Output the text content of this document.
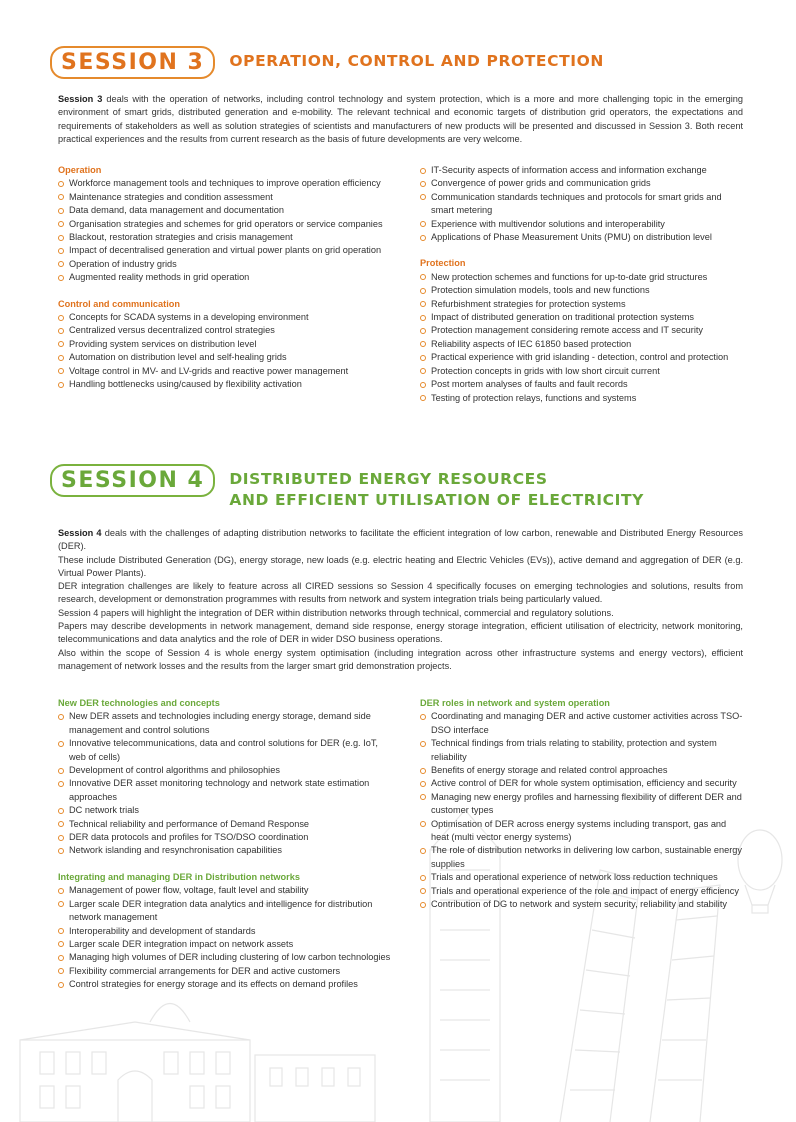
SESSION 3	OPERATION, CONTROL AND PROTECTION

Session 3 deals with the operation of networks, including control technology and system protection, which is a more and more challenging topic in the emerging environment of smart grids, distributed generation and e-mobility. The relevant technical and economic targets of distribution grid operators, the expectations and requirements of stakeholders as well as solution strategies of scientists and manufacturers of new products will be presented and discussed in Session 3. Both recent practical experiences and the results from current research as the basis of future developments are very welcome.

Operation
Workforce management tools and techniques to improve operation efficiency
Maintenance strategies and condition assessment
Data demand, data management and documentation
Organisation strategies and schemes for grid operators or service companies
Blackout, restoration strategies and crisis management
Impact of decentralised generation and virtual power plants on grid operation
Operation of industry grids
Augmented reality methods in grid operation
Control and communication
Concepts for SCADA systems in a developing environment
Centralized versus decentralized control strategies
Providing system services on distribution level
Automation on distribution level and self-healing grids
Voltage control in MV- and LV-grids and reactive power management
Handling bottlenecks using/caused by flexibility activation
IT-Security aspects of information access and information exchange
Convergence of power grids and communication grids
Communication standards techniques and protocols for smart grids and smart metering
Experience with multivendor solutions and interoperability
Applications of Phase Measurement Units (PMU) on distribution level
Protection
New protection schemes and functions for up-to-date grid structures
Protection simulation models, tools and new functions
Refurbishment strategies for protection systems
Impact of distributed generation on traditional protection systems
Protection management considering remote access and IT security
Reliability aspects of IEC 61850 based protection
Practical experience with grid islanding - detection, control and protection
Protection concepts in grids with low short circuit current
Post mortem analyses of faults and fault records
Testing of protection relays, functions and systems
SESSION 4	DISTRIBUTED ENERGY RESOURCES
AND EFFICIENT UTILISATION OF ELECTRICITY

Session 4 deals with the challenges of adapting distribution networks to facilitate the efficient integration of low carbon, renewable and Distributed Energy Resources (DER).

These include Distributed Generation (DG), energy storage, new loads (e.g. electric heating and Electric Vehicles (EVs)), active demand and aggregation of DER (e.g. Virtual Power Plants).

DER integration challenges are likely to feature across all CIRED sessions so Session 4 specifically focuses on emerging technologies and solutions, results from research, development or demonstration programmes with results from network and system integration trials being particularly valued.

Session 4 papers will highlight the integration of DER within distribution networks through technical, commercial and regulatory solutions.

Papers may describe developments in network management, demand side response, energy storage integration, efficient utilisation of electricity, network monitoring, telecommunications and data analytics and the role of DER in wider DSO business operations.

Also within the scope of Session 4 is whole energy system optimisation (including integration across other infrastructure systems and energy vectors), efficient management of network losses and the results from the larger smart grid demonstration projects.

New DER technologies and concepts
New DER assets and technologies including energy storage, demand side management and control solutions
Innovative telecommunications, data and control solutions for DER (e.g. IoT, web of cells)
Development of control algorithms and philosophies
Innovative DER asset monitoring technology and network state estimation approaches
DC network trials
Technical reliability and performance of Demand Response
DER data protocols and profiles for TSO/DSO coordination
Network islanding and resynchronisation capabilities
Integrating and managing DER in Distribution networks
Management of power flow, voltage, fault level and stability
Larger scale DER integration data analytics and intelligence for distribution network management
Interoperability and development of standards
Larger scale DER integration impact on network assets
Managing high volumes of DER including clustering of low carbon technologies
Flexibility commercial arrangements for DER and active customers
Control strategies for energy storage and its effects on demand profiles
DER roles in network and system operation
Coordinating and managing DER and active customer activities across TSO-DSO interface
Technical findings from trials relating to stability, protection and system reliability
Benefits of energy storage and related control approaches
Active control of DER for whole system optimisation, efficiency and security
Managing new energy profiles and harnessing flexibility of different DER and customer types
Optimisation of DER across energy systems including transport, gas and heat (multi vector energy systems)
The role of distribution networks in delivering low carbon, sustainable energy supplies
Trials and operational experience of network loss reduction techniques
Trials and operational experience of the role and impact of energy efficiency
Contribution of DG to network and system security, reliability and stability
